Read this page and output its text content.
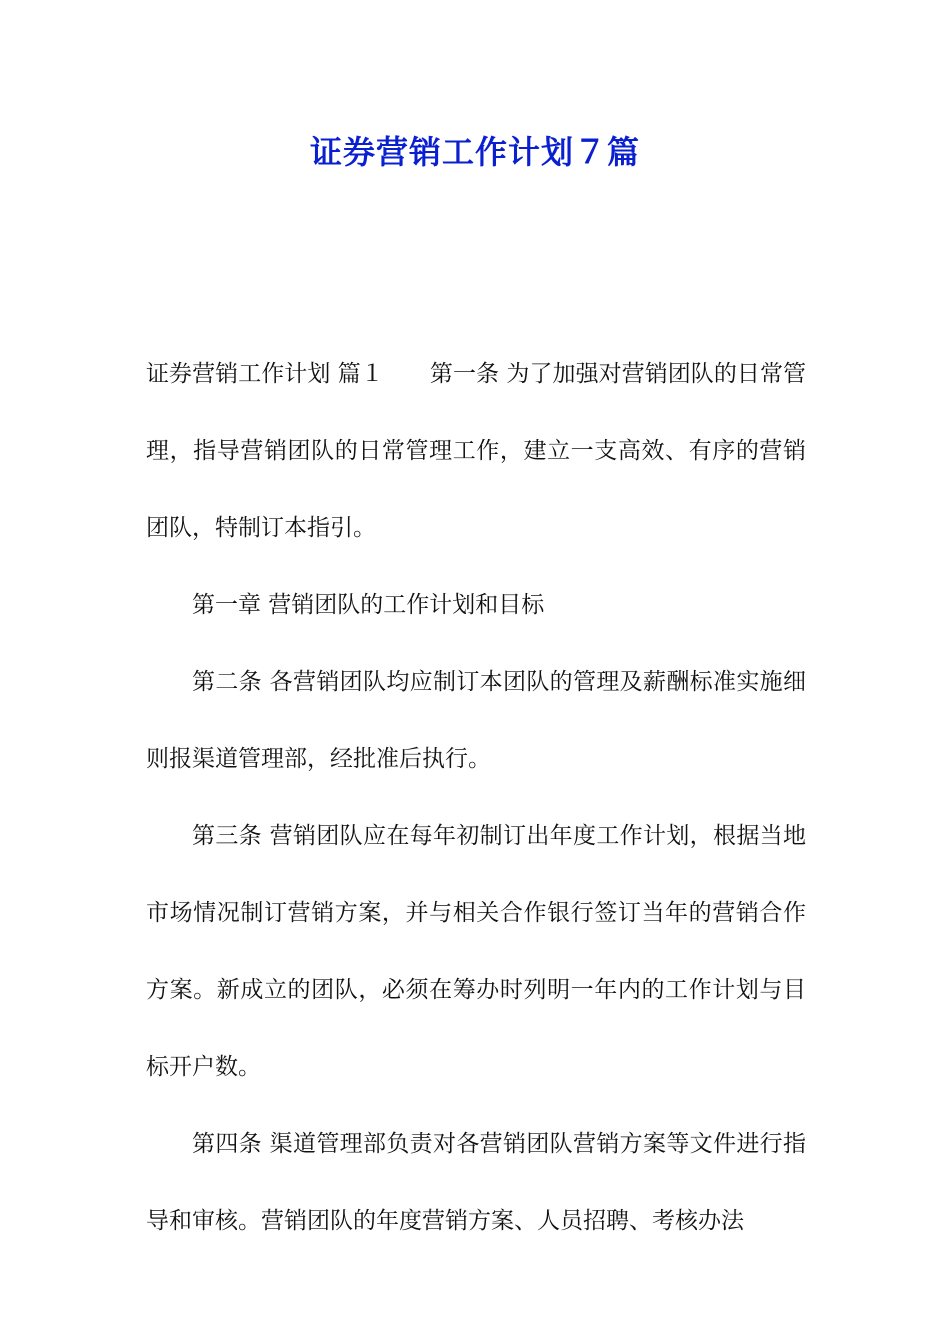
证券营销工作计划７篇

证券营销工作计划 篇１ 第一条 为了加强对营销团队的日常管理，指导营销团队的日常管理工作，建立一支高效、有序的营销团队，特制订本指引。

第一章 营销团队的工作计划和目标

第二条 各营销团队均应制订本团队的管理及薪酬标准实施细则报渠道管理部，经批准后执行。

第三条 营销团队应在每年初制订出年度工作计划，根据当地市场情况制订营销方案，并与相关合作银行签订当年的营销合作方案。新成立的团队，必须在筹办时列明一年内的工作计划与目标开户数。

第四条 渠道管理部负责对各营销团队营销方案等文件进行指导和审核。营销团队的年度营销方案、人员招聘、考核办法
